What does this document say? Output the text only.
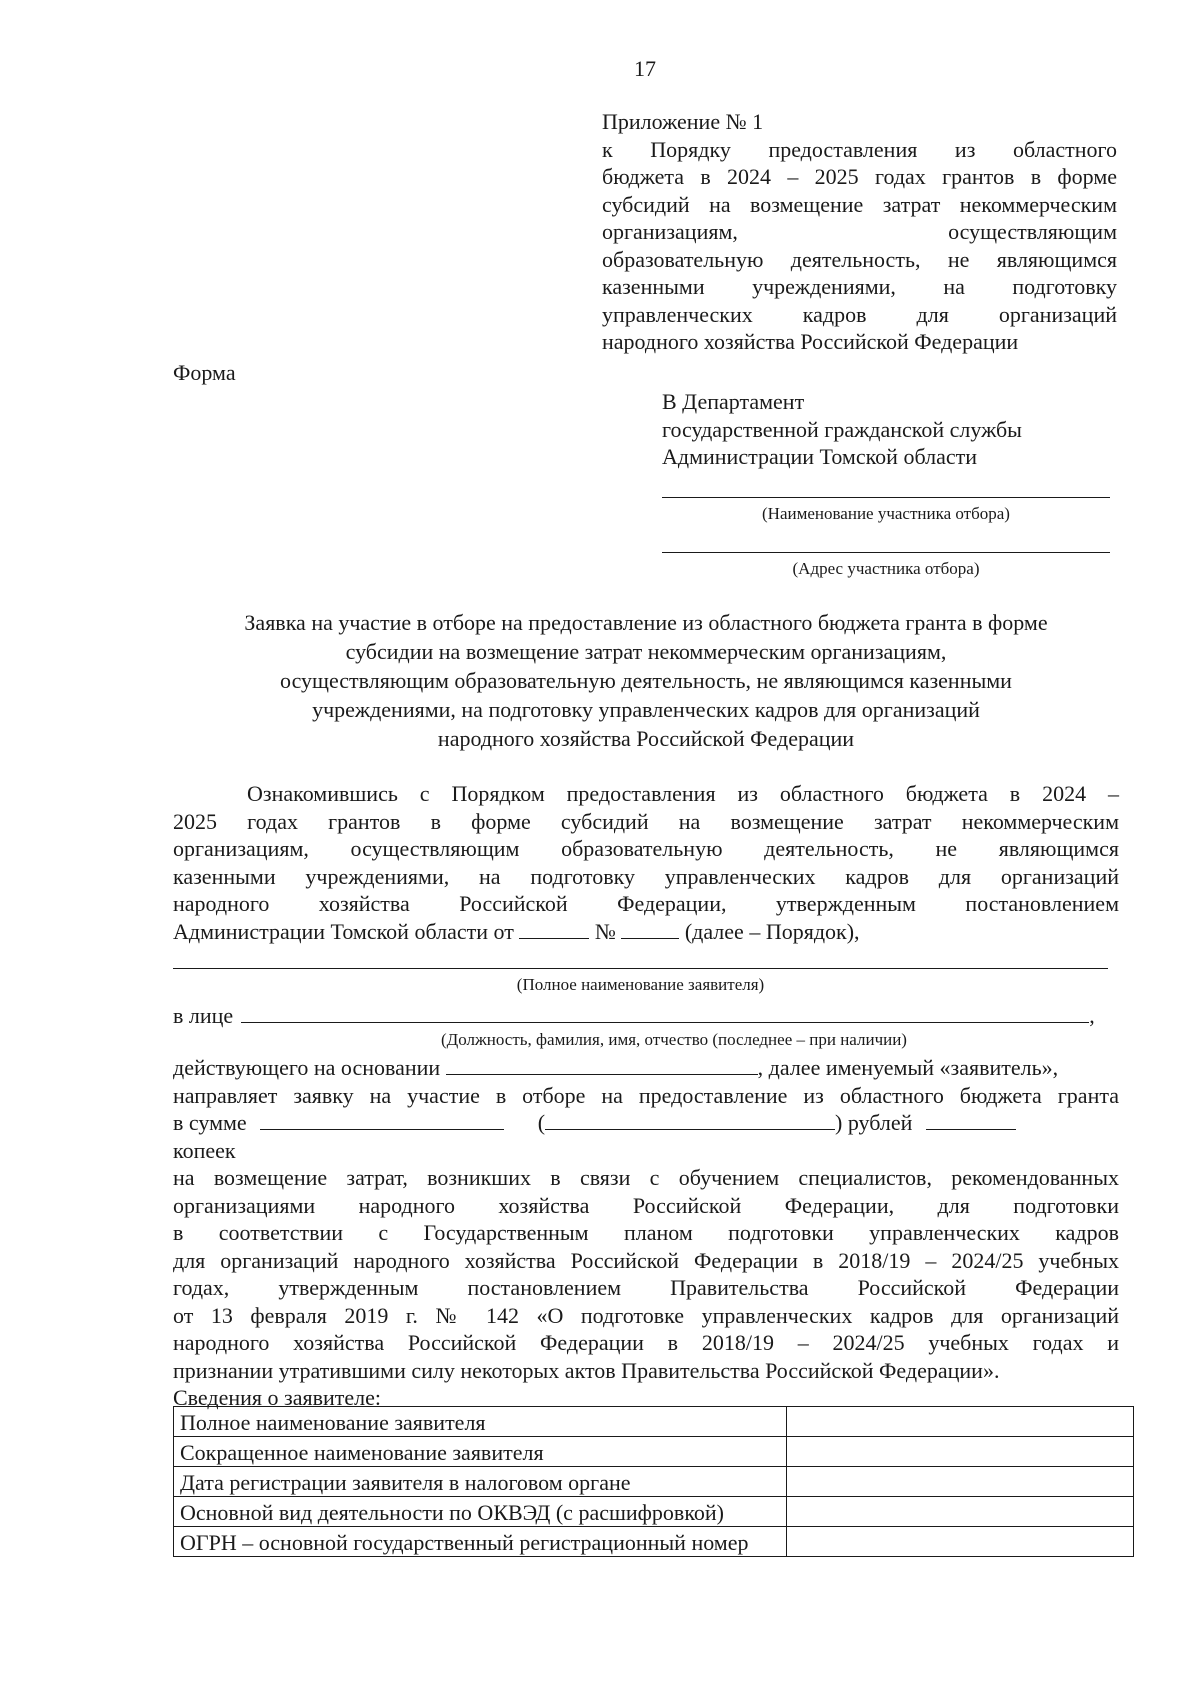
17
Приложение № 1
к Порядку предоставления из областного
бюджета в 2024 – 2025 годах грантов в форме
субсидий на возмещение затрат некоммерческим
организациям, осуществляющим
образовательную деятельность, не являющимся
казенными учреждениями, на подготовку
управленческих кадров для организаций
народного хозяйства Российской Федерации
Форма
В Департамент
государственной гражданской службы
Администрации Томской области
(Наименование участника отбора)
(Адрес участника отбора)
Заявка на участие в отборе на предоставление из областного бюджета гранта в форме
субсидии на возмещение затрат некоммерческим организациям,
осуществляющим образовательную деятельность, не являющимся казенными
учреждениями, на подготовку управленческих кадров для организаций
народного хозяйства Российской Федерации
Ознакомившись с Порядком предоставления из областного бюджета в 2024 –
2025 годах грантов в форме субсидий на возмещение затрат некоммерческим
организациям, осуществляющим образовательную деятельность, не являющимся
казенными учреждениями, на подготовку управленческих кадров для организаций
народного хозяйства Российской Федерации, утвержденным постановлением
Администрации Томской области от	№	(далее – Порядок),
(Полное наименование заявителя)
в лице	,
(Должность, фамилия, имя, отчество (последнее – при наличии)
действующего на основании	, далее именуемый «заявитель»,
направляет заявку на участие в отборе на предоставление из областного бюджета гранта
в сумме	(	) рублей  копеек
на возмещение затрат, возникших в связи с обучением специалистов, рекомендованных
организациями народного хозяйства Российской Федерации, для подготовки
в соответствии с Государственным планом подготовки управленческих кадров
для организаций народного хозяйства Российской Федерации в 2018/19 – 2024/25 учебных
годах, утвержденным постановлением Правительства Российской Федерации
от 13 февраля 2019 г. № 142 «О подготовке управленческих кадров для организаций
народного хозяйства Российской Федерации в 2018/19 – 2024/25 учебных годах и
признании утратившими силу некоторых актов Правительства Российской Федерации».
Сведения о заявителе:
Полное наименование заявителя	
Сокращенное наименование заявителя	
Дата регистрации заявителя в налоговом органе	
Основной вид деятельности по ОКВЭД (с расшифровкой)	
ОГРН – основной государственный регистрационный номер	
